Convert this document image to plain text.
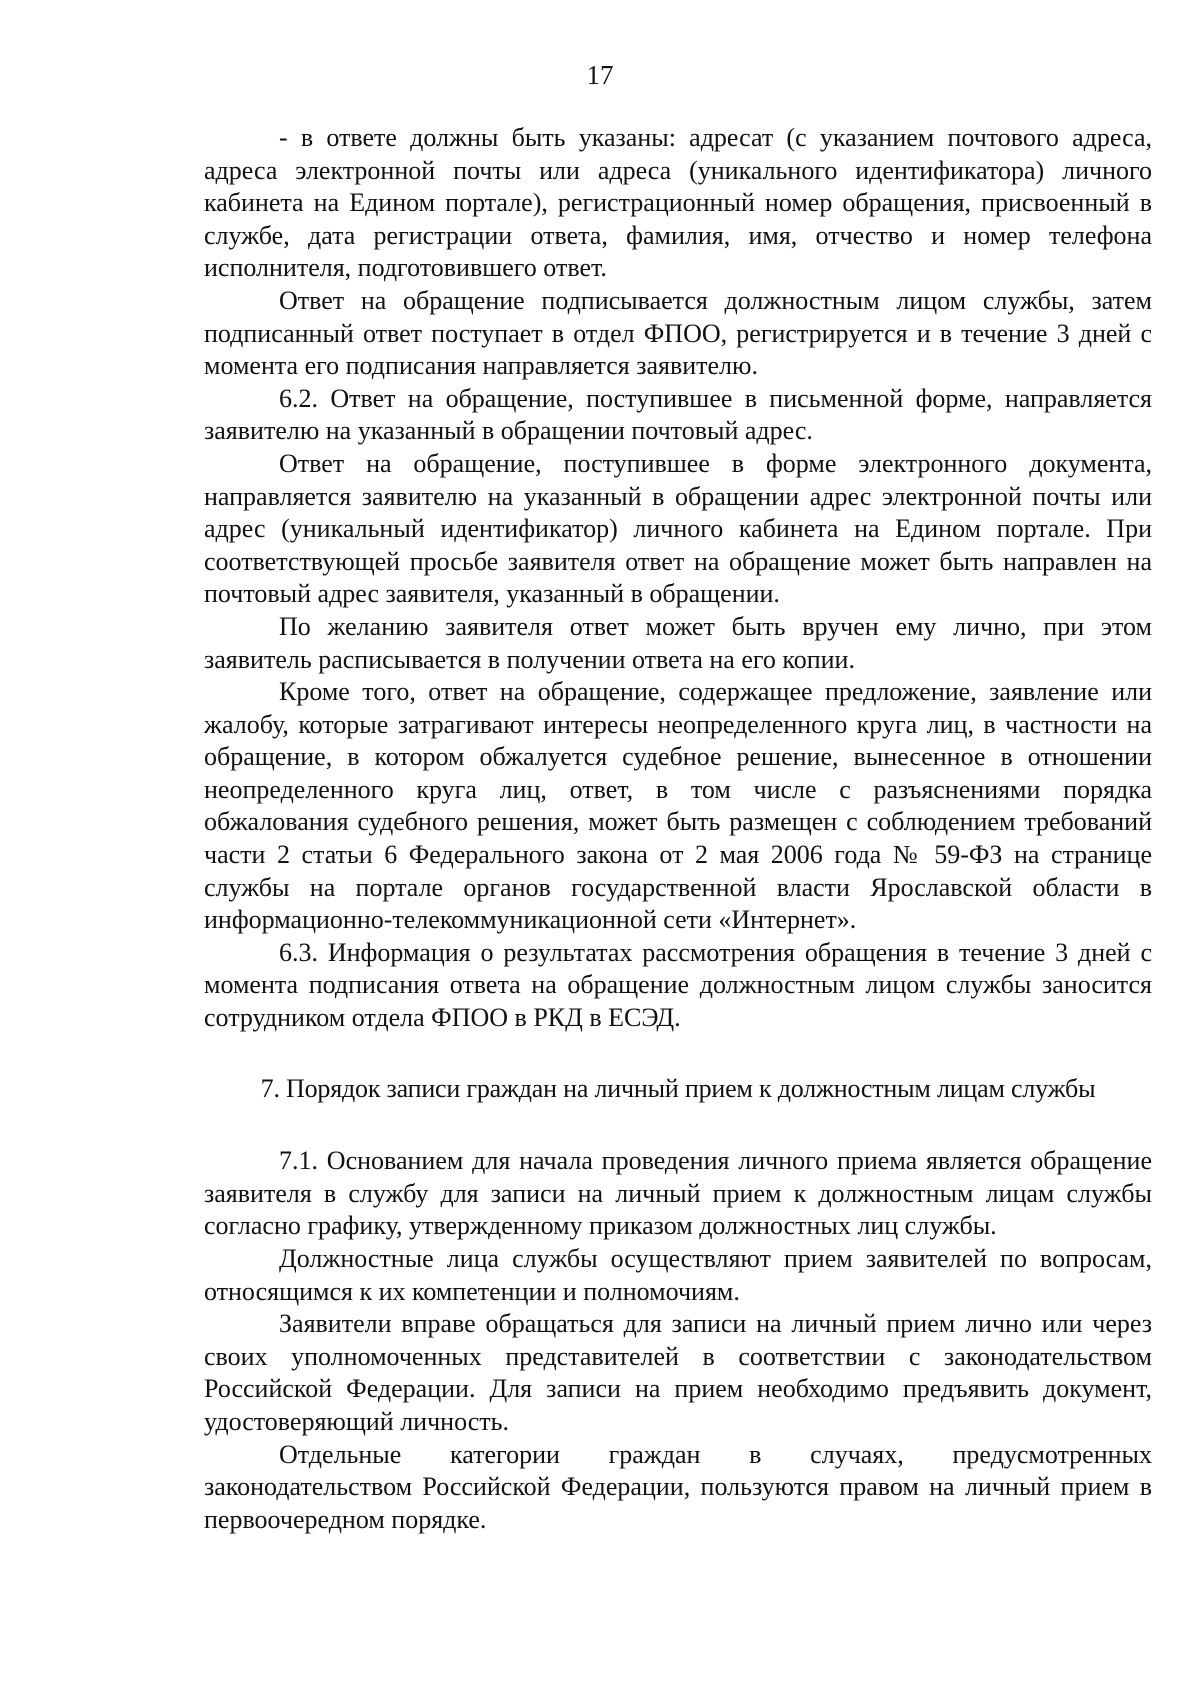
17

- в ответе должны быть указаны: адресат (с указанием почтового адреса, адреса электронной почты или адреса (уникального идентификатора) личного кабинета на Едином портале), регистрационный номер обращения, присвоенный в службе, дата регистрации ответа, фамилия, имя, отчество и номер телефона исполнителя, подготовившего ответ.

Ответ на обращение подписывается должностным лицом службы, затем подписанный ответ поступает в отдел ФПОО, регистрируется и в течение 3 дней с момента его подписания направляется заявителю.

6.2. Ответ на обращение, поступившее в письменной форме, направляется заявителю на указанный в обращении почтовый адрес.

Ответ на обращение, поступившее в форме электронного документа, направляется заявителю на указанный в обращении адрес электронной почты или адрес (уникальный идентификатор) личного кабинета на Едином портале. При соответствующей просьбе заявителя ответ на обращение может быть направлен на почтовый адрес заявителя, указанный в обращении.

По желанию заявителя ответ может быть вручен ему лично, при этом заявитель расписывается в получении ответа на его копии.

Кроме того, ответ на обращение, содержащее предложение, заявление или жалобу, которые затрагивают интересы неопределенного круга лиц, в частности на обращение, в котором обжалуется судебное решение, вынесенное в отношении неопределенного круга лиц, ответ, в том числе с разъяснениями порядка обжалования судебного решения, может быть размещен с соблюдением требований части 2 статьи 6 Федерального закона от 2 мая 2006 года № 59-ФЗ на странице службы на портале органов государственной власти Ярославской области в информационно-телекоммуникационной сети «Интернет».

6.3. Информация о результатах рассмотрения обращения в течение 3 дней с момента подписания ответа на обращение должностным лицом службы заносится сотрудником отдела ФПОО в РКД в ЕСЭД.

7. Порядок записи граждан на личный прием к должностным лицам службы

7.1. Основанием для начала проведения личного приема является обращение заявителя в службу для записи на личный прием к должностным лицам службы согласно графику, утвержденному приказом должностных лиц службы.

Должностные лица службы осуществляют прием заявителей по вопросам, относящимся к их компетенции и полномочиям.

Заявители вправе обращаться для записи на личный прием лично или через своих уполномоченных представителей в соответствии с законодательством Российской Федерации. Для записи на прием необходимо предъявить документ, удостоверяющий личность.

Отдельные категории граждан в случаях, предусмотренных законодательством Российской Федерации, пользуются правом на личный прием в первоочередном порядке.
